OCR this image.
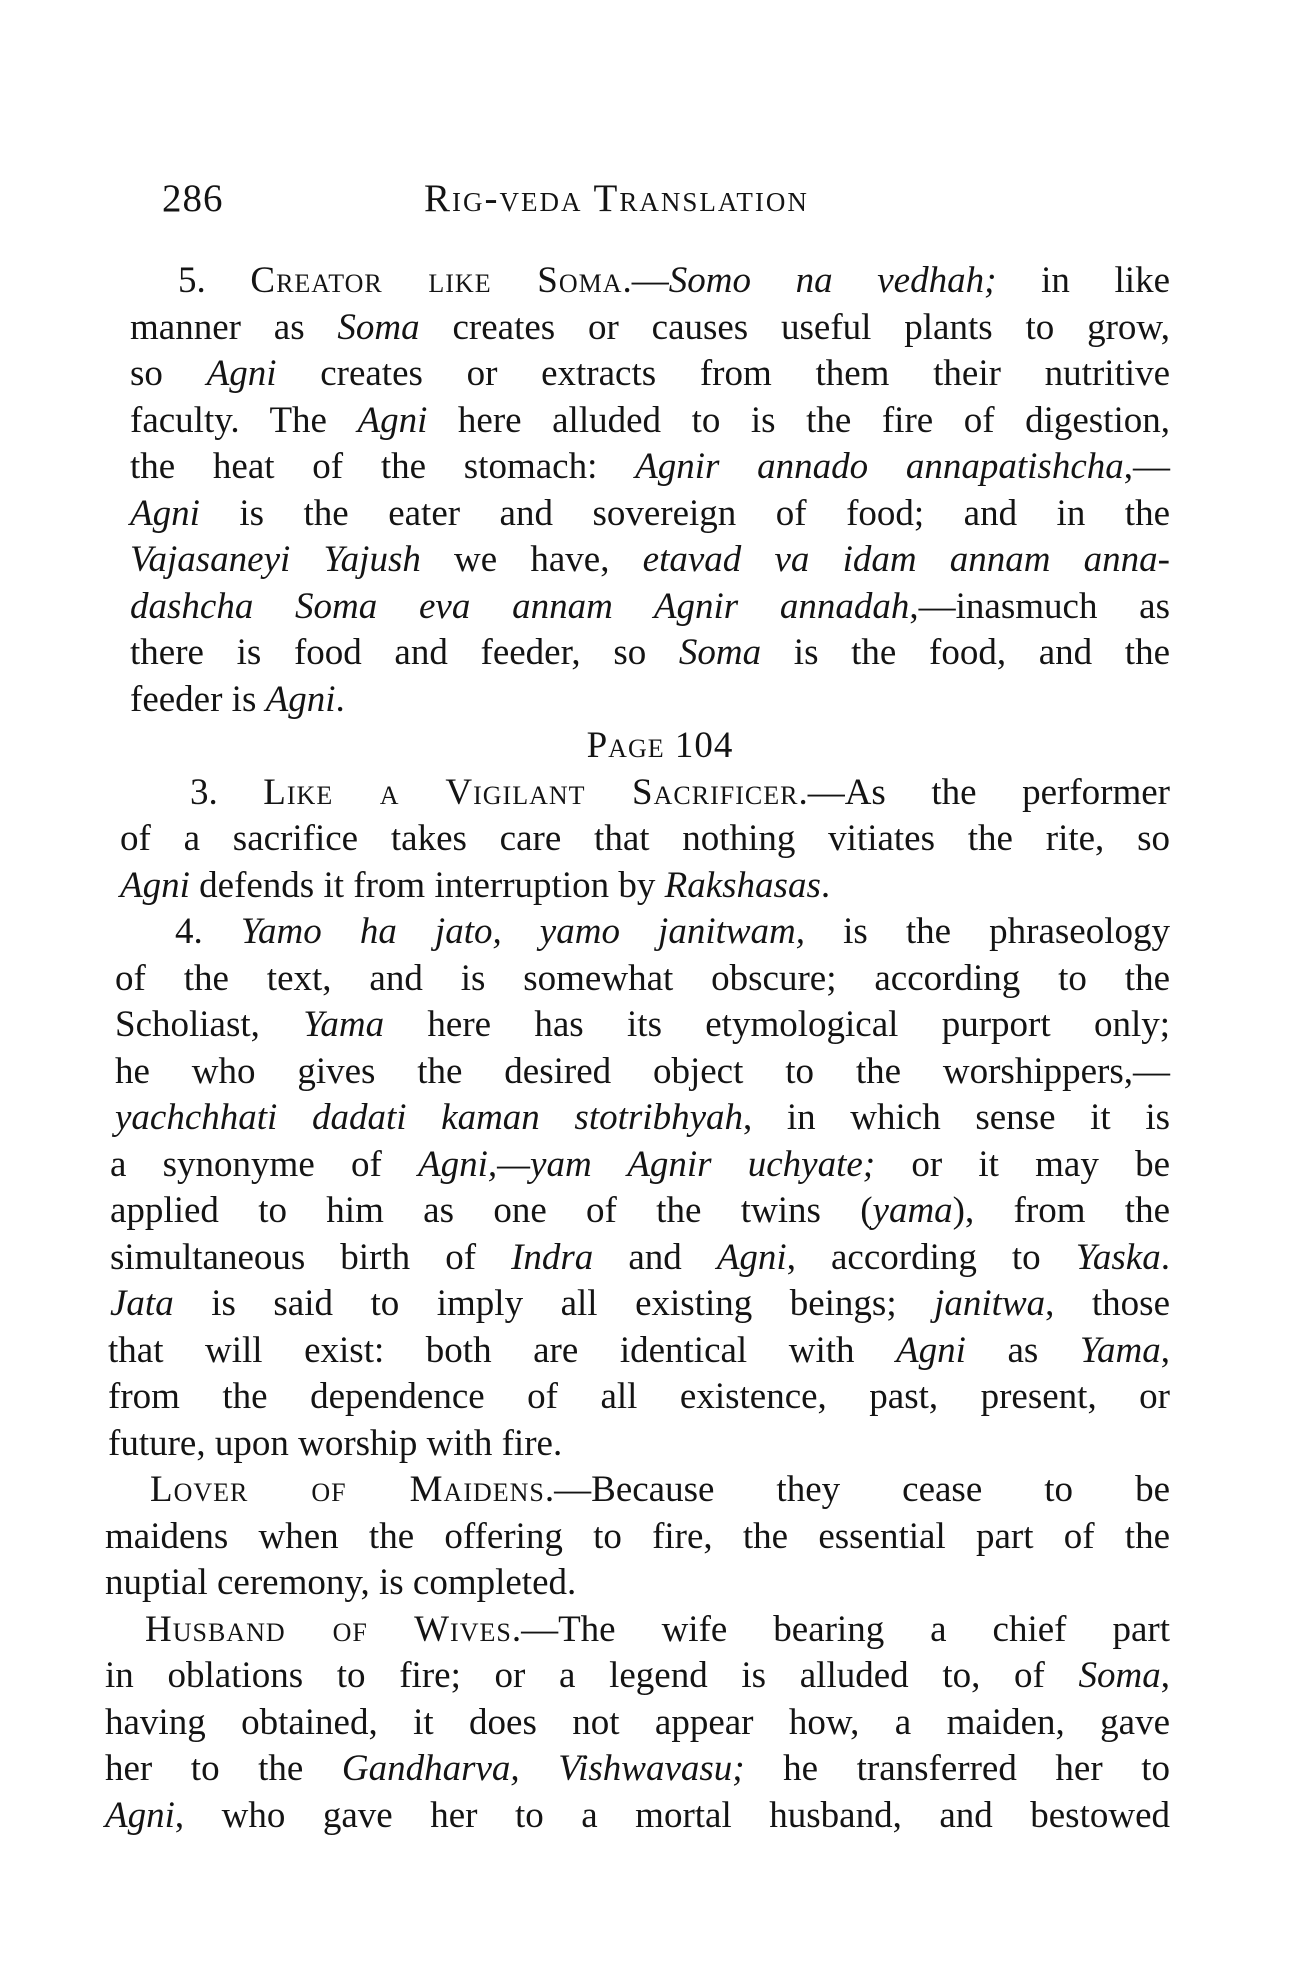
286	Rig-veda Translation
5. Creator like Soma.—Somo na vedhah; in like
manner as Soma creates or causes useful plants to grow,
so Agni creates or extracts from them their nutritive
faculty. The Agni here alluded to is the fire of digestion,
the heat of the stomach: Agnir annado annapatishcha,—
Agni is the eater and sovereign of food; and in the
Vajasaneyi Yajush we have, etavad va idam annam anna-
dashcha Soma eva annam Agnir annadah,—inasmuch as
there is food and feeder, so Soma is the food, and the
feeder is Agni.
Page 104
3. Like a Vigilant Sacrificer.—As the performer
of a sacrifice takes care that nothing vitiates the rite, so
Agni defends it from interruption by Rakshasas.
4. Yamo ha jato, yamo janitwam, is the phraseology
of the text, and is somewhat obscure; according to the
Scholiast, Yama here has its etymological purport only;
he who gives the desired object to the worshippers,—
yachchhati dadati kaman stotribhyah, in which sense it is
a synonyme of Agni,—yam Agnir uchyate; or it may be
applied to him as one of the twins (yama), from the
simultaneous birth of Indra and Agni, according to Yaska.
Jata is said to imply all existing beings; janitwa, those
that will exist: both are identical with Agni as Yama,
from the dependence of all existence, past, present, or
future, upon worship with fire.
Lover of Maidens.—Because they cease to be
maidens when the offering to fire, the essential part of the
nuptial ceremony, is completed.
Husband of Wives.—The wife bearing a chief part
in oblations to fire; or a legend is alluded to, of Soma,
having obtained, it does not appear how, a maiden, gave
her to the Gandharva, Vishwavasu; he transferred her to
Agni, who gave her to a mortal husband, and bestowed
